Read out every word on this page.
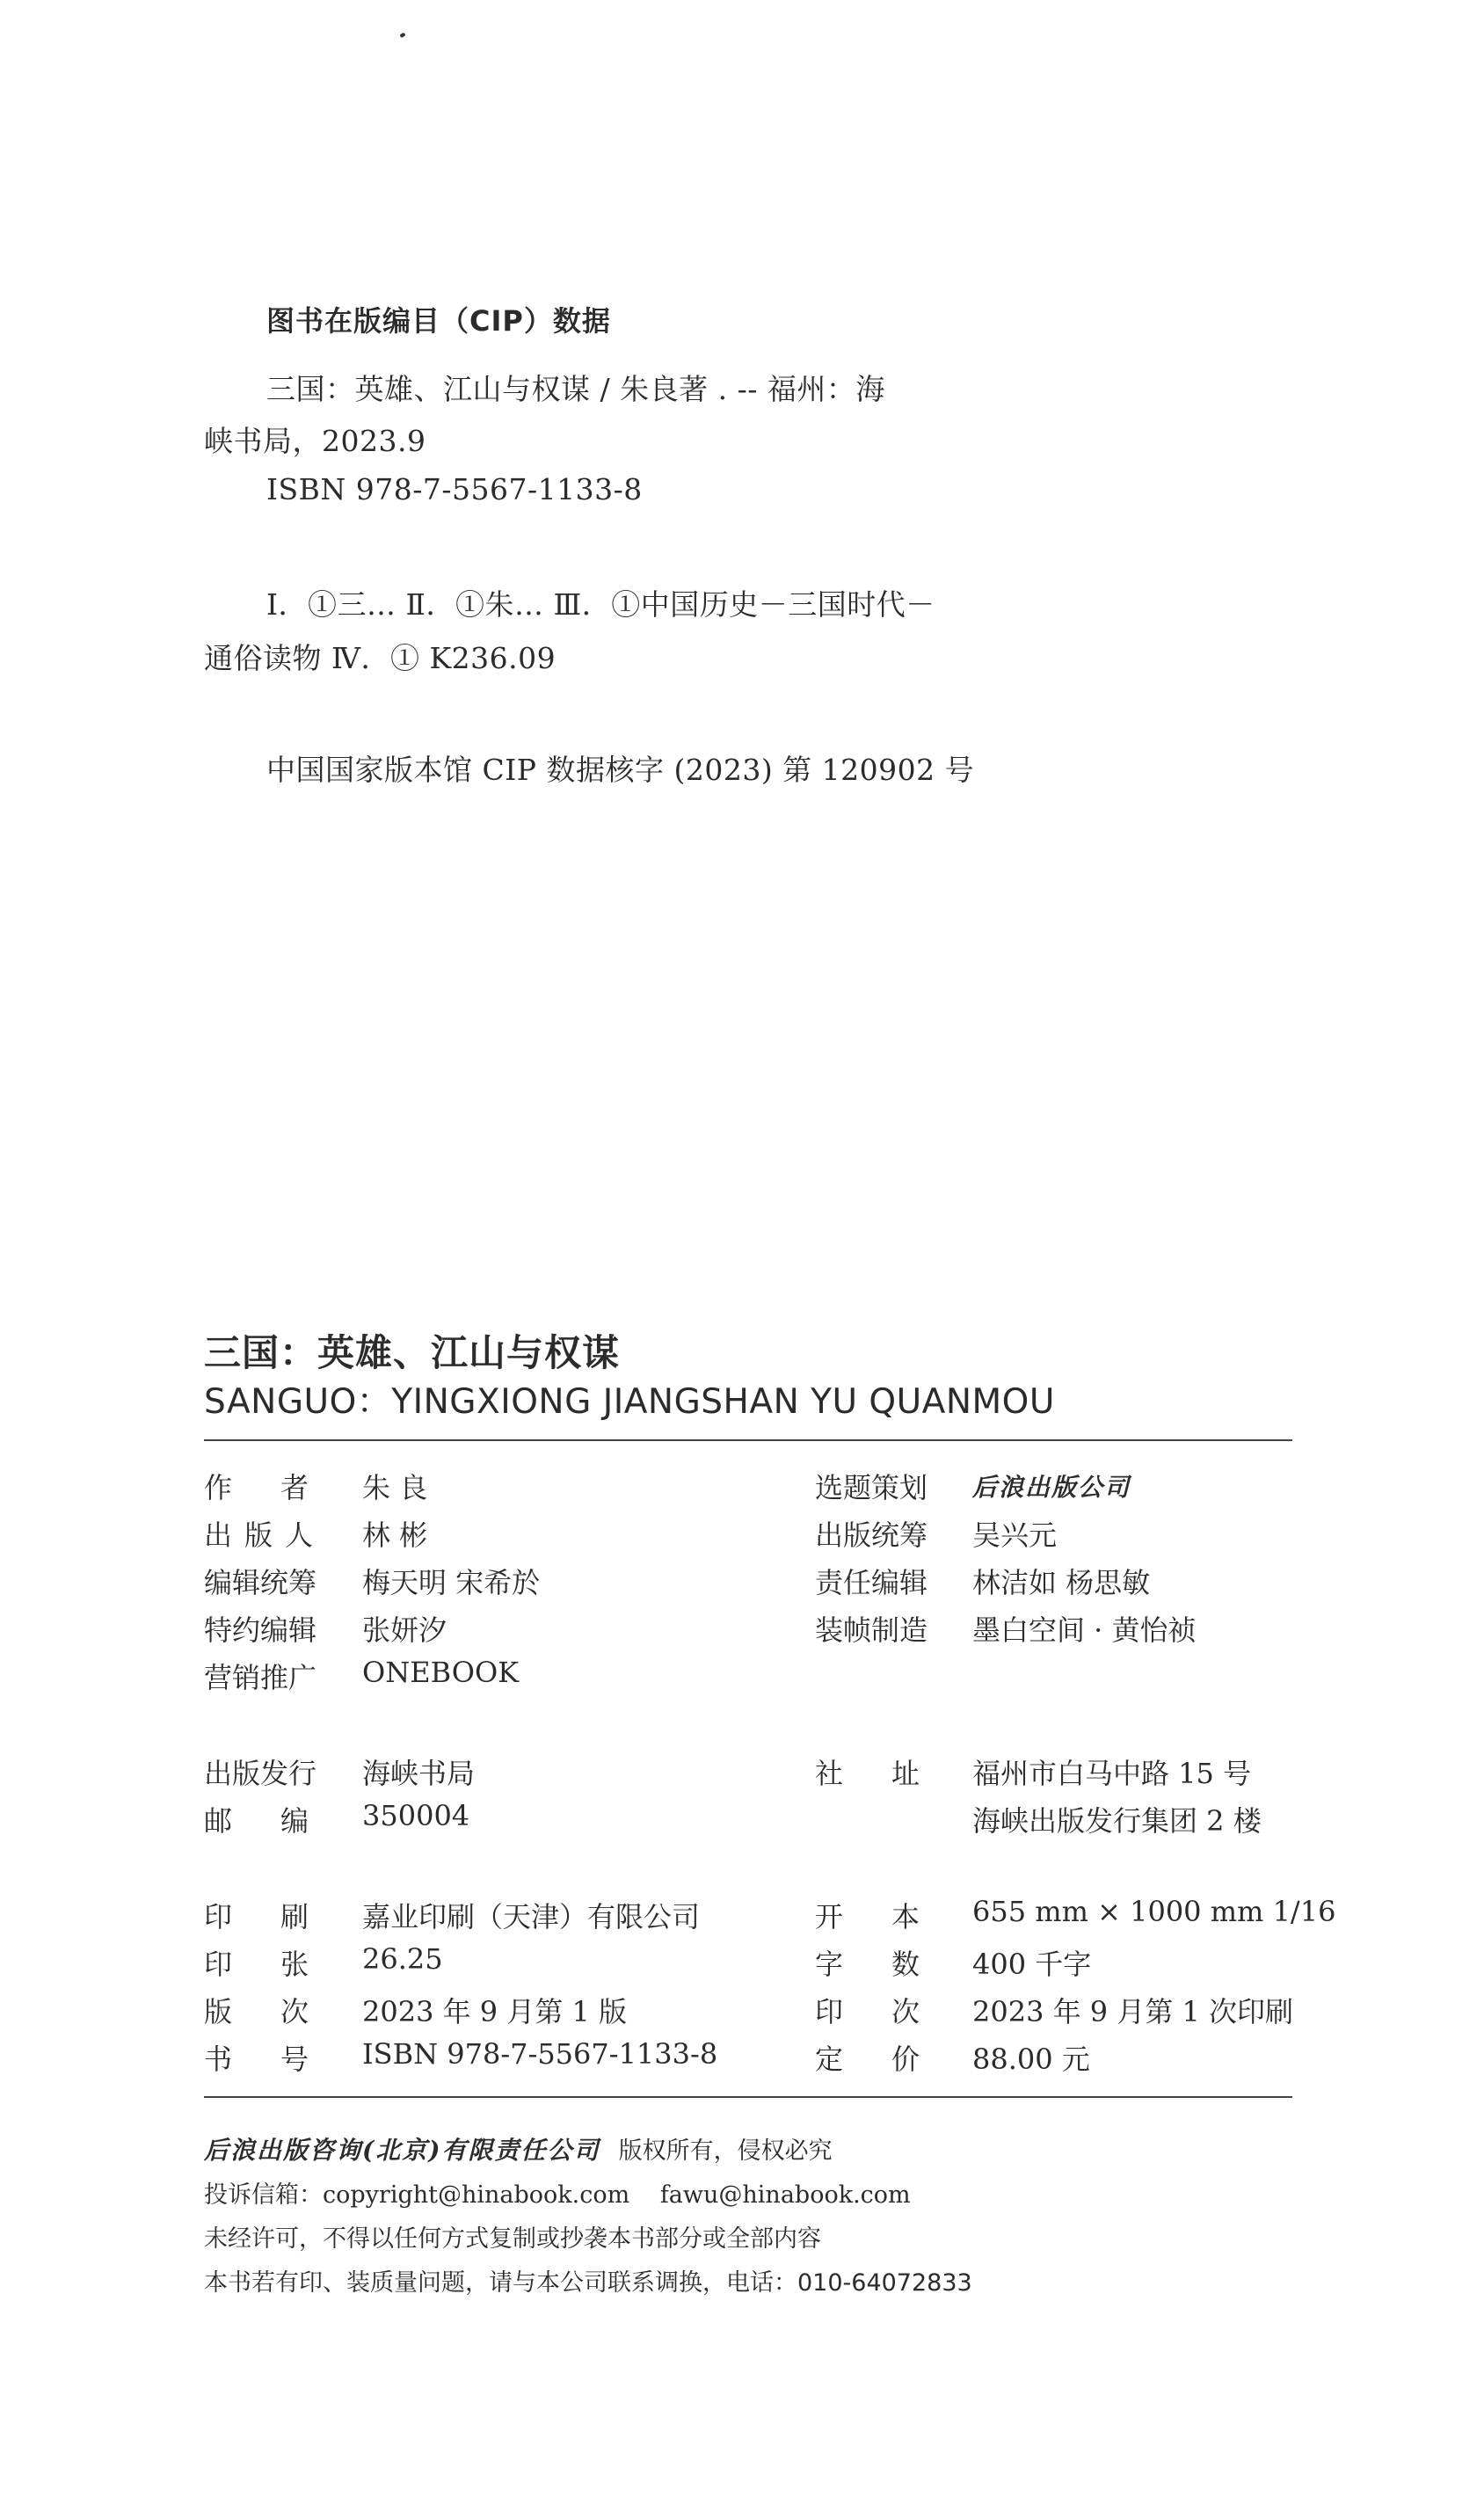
图书在版编目（CIP）数据
三国：英雄、江山与权谋 / 朱良著 . -- 福州：海
峡书局，2023.9
ISBN 978-7-5567-1133-8
Ⅰ．①三… Ⅱ．①朱… Ⅲ．①中国历史－三国时代－
通俗读物 Ⅳ．① K236.09
中国国家版本馆 CIP 数据核字 (2023) 第 120902 号
三国：英雄、江山与权谋
SANGUO：YINGXIONG JIANGSHAN YU QUANMOU
作者 朱 良
出版人 林 彬
编辑统筹 梅天明 宋希於
特约编辑 张妍汐
营销推广 ONEBOOK
选题策划 后浪出版公司
出版统筹 吴兴元
责任编辑 林洁如 杨思敏
装帧制造 墨白空间 · 黄怡祯
出版发行 海峡书局
邮编 350004
社址 福州市白马中路 15 号
海峡出版发行集团 2 楼
印刷 嘉业印刷（天津）有限公司
印张 26.25
版次 2023 年 9 月第 1 版
书号 ISBN 978-7-5567-1133-8
开本 655 mm × 1000 mm 1/16
字数 400 千字
印次 2023 年 9 月第 1 次印刷
定价 88.00 元
后浪出版咨询(北京)有限责任公司 版权所有，侵权必究
投诉信箱：copyright@hinabook.com fawu@hinabook.com
未经许可，不得以任何方式复制或抄袭本书部分或全部内容
本书若有印、装质量问题，请与本公司联系调换，电话：010-64072833
